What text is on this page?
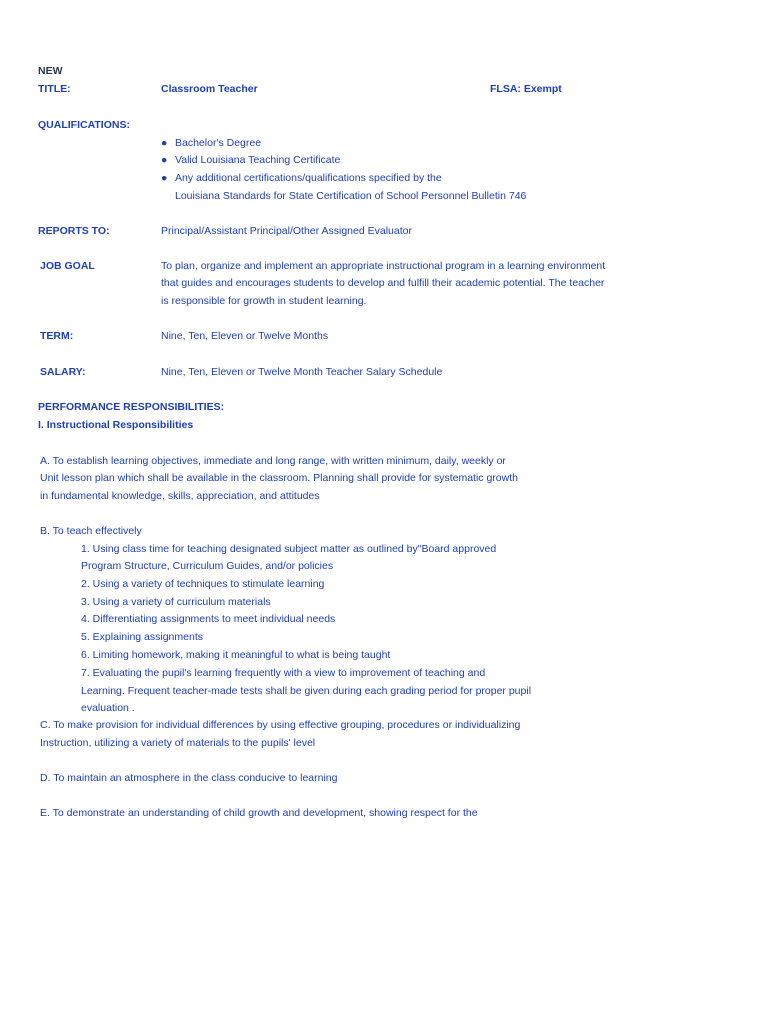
NEW
TITLE:	Classroom Teacher	FLSA: Exempt
QUALIFICATIONS:
● Bachelor's Degree
● Valid Louisiana Teaching Certificate
● Any additional certifications/qualifications specified by the
Louisiana Standards for State Certification of School Personnel Bulletin 746
REPORTS TO:	Principal/Assistant Principal/Other Assigned Evaluator
JOB GOAL	To plan, organize and implement an appropriate instructional program in a learning environment
that guides and encourages students to develop and fulfill their academic potential. The teacher
is responsible for growth in student learning.
TERM:	Nine, Ten, Eleven or Twelve Months
SALARY:	Nine, Ten, Eleven or Twelve Month Teacher Salary Schedule
PERFORMANCE RESPONSIBILITIES:
I. Instructional Responsibilities
A. To establish learning objectives, immediate and long range, with written minimum, daily, weekly or
Unit lesson plan which shall be available in the classroom. Planning shall provide for systematic growth
in fundamental knowledge, skills, appreciation, and attitudes
B. To teach effectively
1. Using class time for teaching designated subject matter as outlined by"Board approved
Program Structure, Curriculum Guides, and/or policies
2. Using a variety of techniques to stimulate learning
3. Using a variety of curriculum materials
4. Differentiating assignments to meet individual needs
5. Explaining assignments
6. Limiting homework, making it meaningful to what is being taught
7. Evaluating the pupil's learning frequently with a view to improvement of teaching and
Learning. Frequent teacher-made tests shall be given during each grading period for proper pupil
evaluation .
C. To make provision for individual differences by using effective grouping, procedures or individualizing
Instruction, utilizing a variety of materials to the pupils' level
D. To maintain an atmosphere in the class conducive to learning
E. To demonstrate an understanding of child growth and development, showing respect for the
